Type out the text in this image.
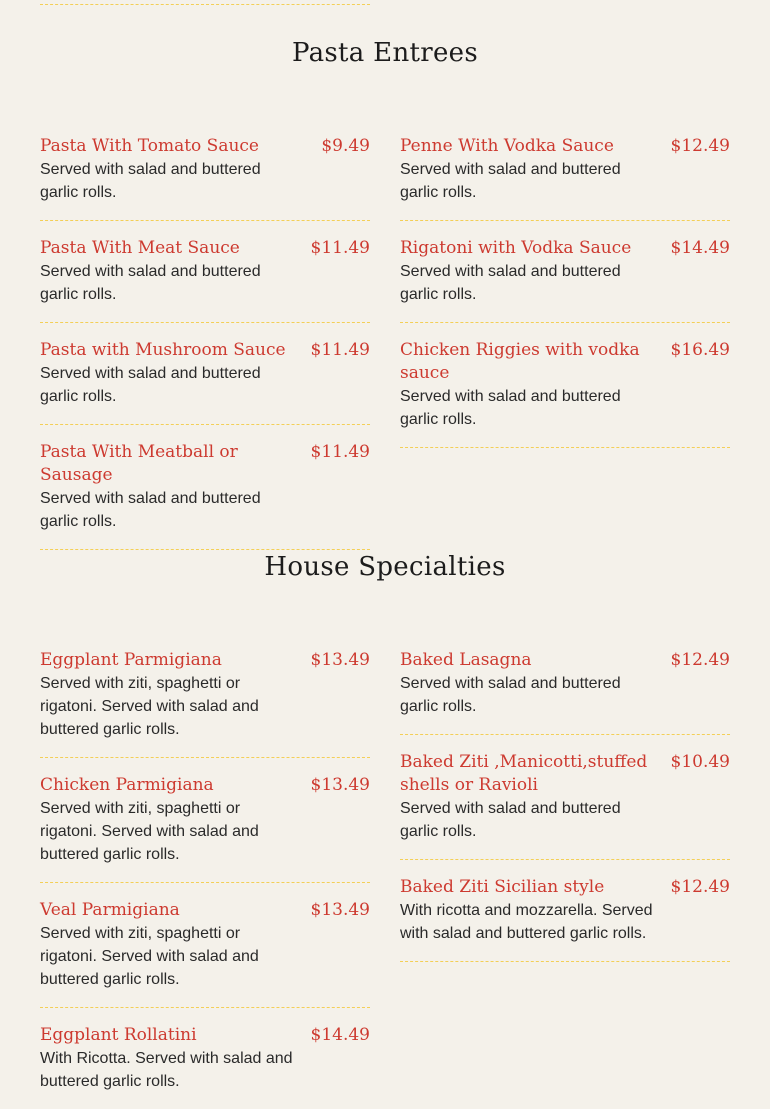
Pasta Entrees
Pasta With Tomato Sauce	$9.49
Served with salad and buttered garlic rolls.
Pasta With Meat Sauce	$11.49
Served with salad and buttered garlic rolls.
Pasta with Mushroom Sauce	$11.49
Served with salad and buttered garlic rolls.
Pasta With Meatball or Sausage
$11.49
Served with salad and buttered garlic rolls.
Penne With Vodka Sauce	$12.49
Served with salad and buttered garlic rolls.
Rigatoni with Vodka Sauce	$14.49
Served with salad and buttered garlic rolls.
Chicken Riggies with vodka sauce
$16.49
Served with salad and buttered garlic rolls.
House Specialties
Eggplant Parmigiana	$13.49
Served with ziti, spaghetti or rigatoni. Served with salad and buttered garlic rolls.
Chicken Parmigiana	$13.49
Served with ziti, spaghetti or rigatoni. Served with salad and buttered garlic rolls.
Veal Parmigiana	$13.49
Served with ziti, spaghetti or rigatoni. Served with salad and buttered garlic rolls.
Eggplant Rollatini	$14.49
With Ricotta. Served with salad and buttered garlic rolls.
Baked Lasagna	$12.49
Served with salad and buttered garlic rolls.
Baked Ziti ,Manicotti,stuffed shells or Ravioli
$10.49
Served with salad and buttered garlic rolls.
Baked Ziti Sicilian style	$12.49
With ricotta and mozzarella. Served with salad and buttered garlic rolls.
